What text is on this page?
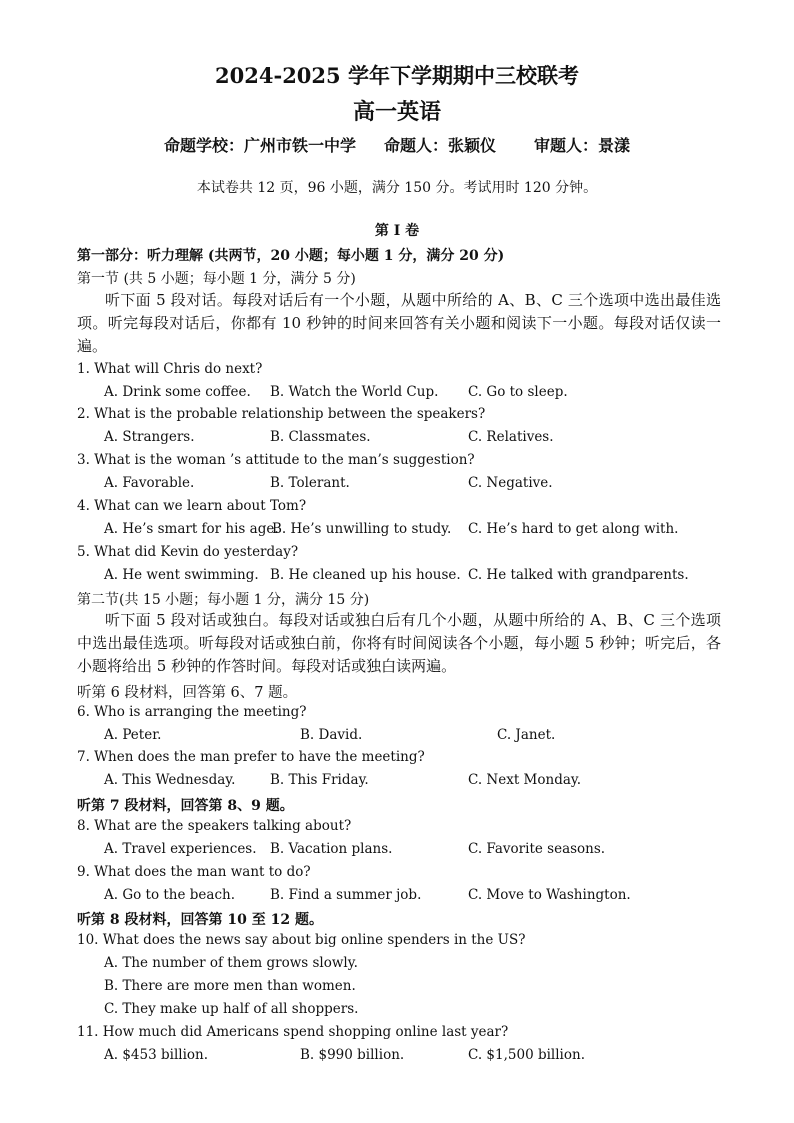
2024-2025 学年下学期期中三校联考
高一英语
命题学校：广州市铁一中学 命题人：张颖仪 审题人：景漾
本试卷共 12 页，96 小题，满分 150 分。考试用时 120 分钟。
第 I 卷
第一部分：听力理解 (共两节，20 小题；每小题 1 分，满分 20 分)
第一节 (共 5 小题；每小题 1 分，满分 5 分)
听下面 5 段对话。每段对话后有一个小题，从题中所给的 A、B、C 三个选项中选出最佳选项。听完每段对话后，你都有 10 秒钟的时间来回答有关小题和阅读下一小题。每段对话仅读一遍。
1. What will Chris do next?
A. Drink some coffee. B. Watch the World Cup. C. Go to sleep.
2. What is the probable relationship between the speakers?
A. Strangers.	B. Classmates.	C. Relatives.
3. What is the woman ’s attitude to the man’s suggestion?
A. Favorable.	B. Tolerant.	C. Negative.
4. What can we learn about Tom?
A. He’s smart for his age.
B. He’s unwilling to study. C. He’s hard to get along with.
5. What did Kevin do yesterday?
A. He went swimming. B. He cleaned up his house. C. He talked with grandparents.
第二节(共 15 小题；每小题 1 分，满分 15 分)
听下面 5 段对话或独白。每段对话或独白后有几个小题，从题中所给的 A、B、C 三个选项中选出最佳选项。听每段对话或独白前，你将有时间阅读各个小题，每小题 5 秒钟；听完后，各小题将给出 5 秒钟的作答时间。每段对话或独白读两遍。
听第 6 段材料，回答第 6、7 题。
6. Who is arranging the meeting?
A. Peter.	B. David.	C. Janet.
7. When does the man prefer to have the meeting?
A. This Wednesday.	B. This Friday.	C. Next Monday.
听第 7 段材料，回答第 8、9 题。
8. What are the speakers talking about?
A. Travel experiences. B. Vacation plans.	C. Favorite seasons.
9. What does the man want to do?
A. Go to the beach.	B. Find a summer job.	C. Move to Washington.
听第 8 段材料，回答第 10 至 12 题。
10. What does the news say about big online spenders in the US?
A. The number of them grows slowly.
B. There are more men than women.
C. They make up half of all shoppers.
11. How much did Americans spend shopping online last year?
A. $453 billion.	B. $990 billion.	C. $1,500 billion.
